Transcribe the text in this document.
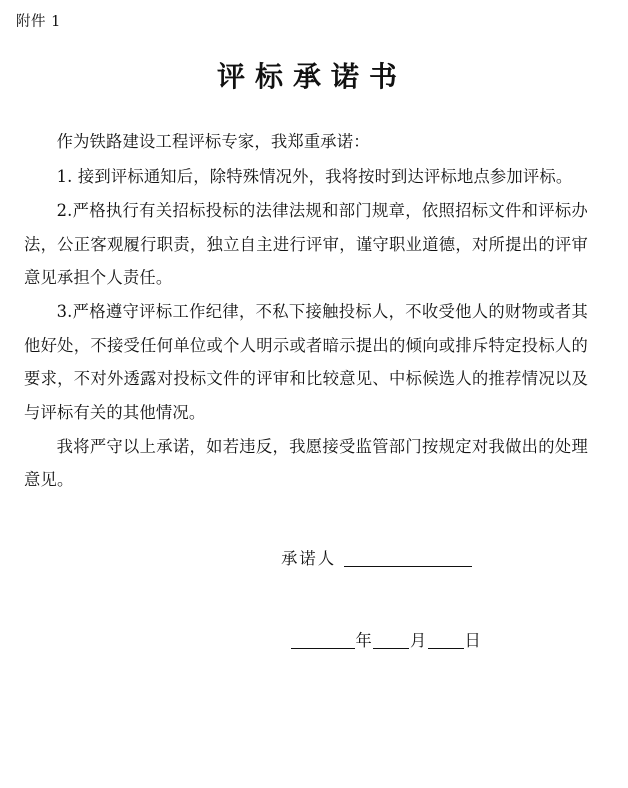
附件 1
评标承诺书

作为铁路建设工程评标专家，我郑重承诺：

1. 接到评标通知后，除特殊情况外，我将按时到达评标地点参加评标。

2.严格执行有关招标投标的法律法规和部门规章，依照招标文件和评标办法，公正客观履行职责，独立自主进行评审，谨守职业道德，对所提出的评审意见承担个人责任。

3.严格遵守评标工作纪律，不私下接触投标人，不收受他人的财物或者其他好处，不接受任何单位或个人明示或者暗示提出的倾向或排斥特定投标人的要求，不对外透露对投标文件的评审和比较意见、中标候选人的推荐情况以及与评标有关的其他情况。

我将严守以上承诺，如若违反，我愿接受监管部门按规定对我做出的处理意见。

承诺人
年 月 日
